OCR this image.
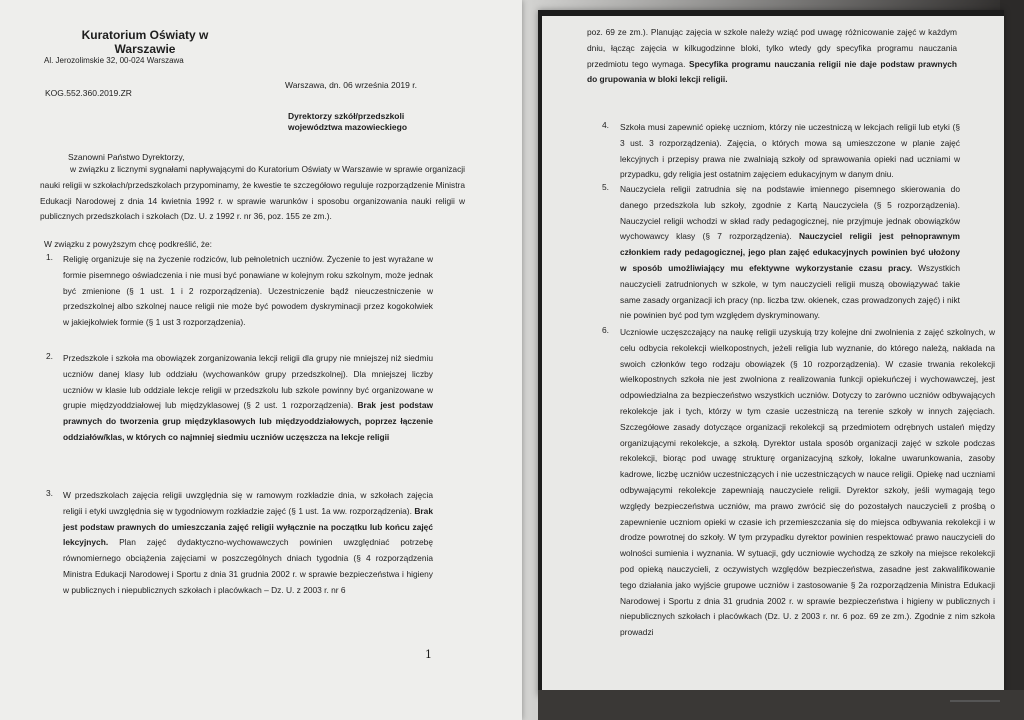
Kuratorium Oświaty w Warszawie
Al. Jerozolimskie 32, 00-024 Warszawa
KOG.552.360.2019.ZR
Warszawa, dn. 06 września 2019 r.
Dyrektorzy szkół/przedszkoli województwa mazowieckiego
Szanowni Państwo Dyrektorzy,
w związku z licznymi sygnałami napływającymi do Kuratorium Oświaty w Warszawie w sprawie organizacji nauki religii w szkołach/przedszkolach przypominamy, że kwestie te szczegółowo reguluje rozporządzenie Ministra Edukacji Narodowej z dnia 14 kwietnia 1992 r. w sprawie warunków i sposobu organizowania nauki religii w publicznych przedszkolach i szkołach (Dz. U. z 1992 r. nr 36, poz. 155 ze zm.).
W związku z powyższym chcę podkreślić, że:
1. Religię organizuje się na życzenie rodziców, lub pełnoletnich uczniów. Życzenie to jest wyrażane w formie pisemnego oświadczenia i nie musi być ponawiane w kolejnym roku szkolnym, może jednak być zmienione (§ 1 ust. 1 i 2 rozporządzenia). Uczestniczenie bądź nieuczestniczenie w przedszkolnej albo szkolnej nauce religii nie może być powodem dyskryminacji przez kogokolwiek w jakiejkolwiek formie (§ 1 ust 3 rozporządzenia).
2. Przedszkole i szkoła ma obowiązek zorganizowania lekcji religii dla grupy nie mniejszej niż siedmiu uczniów danej klasy lub oddziału (wychowanków grupy przedszkolnej). Dla mniejszej liczby uczniów w klasie lub oddziale lekcje religii w przedszkolu lub szkole powinny być organizowane w grupie międzyoddziałowej lub międzyklasowej (§ 2 ust. 1 rozporządzenia). Brak jest podstaw prawnych do tworzenia grup międzyklasowych lub międzyoddziałowych, poprzez łączenie oddziałów/klas, w których co najmniej siedmiu uczniów uczęszcza na lekcje religii
3. W przedszkolach zajęcia religii uwzględnia się w ramowym rozkładzie dnia, w szkołach zajęcia religii i etyki uwzględnia się w tygodniowym rozkładzie zajęć (§ 1 ust. 1a ww. rozporządzenia). Brak jest podstaw prawnych do umieszczania zajęć religii wyłącznie na początku lub końcu zajęć lekcyjnych. Plan zajęć dydaktyczno-wychowawczych powinien uwzględniać potrzebę równomiernego obciążenia zajęciami w poszczególnych dniach tygodnia (§ 4 rozporządzenia Ministra Edukacji Narodowej i Sportu z dnia 31 grudnia 2002 r. w sprawie bezpieczeństwa i higieny w publicznych i niepublicznych szkołach i placówkach – Dz. U. z 2003 r. nr 6
1
poz. 69 ze zm.). Planując zajęcia w szkole należy wziąć pod uwagę różnicowanie zajęć w każdym dniu, łącząc zajęcia w kilkugodzinne bloki, tylko wtedy gdy specyfika programu nauczania przedmiotu tego wymaga. Specyfika programu nauczania religii nie daje podstaw prawnych do grupowania w bloki lekcji religii.
4. Szkoła musi zapewnić opiekę uczniom, którzy nie uczestniczą w lekcjach religii lub etyki (§ 3 ust. 3 rozporządzenia). Zajęcia, o których mowa są umieszczone w planie zajęć lekcyjnych i przepisy prawa nie zwalniają szkoły od sprawowania opieki nad uczniami w przypadku, gdy religia jest ostatnim zajęciem edukacyjnym w danym dniu.
5. Nauczyciela religii zatrudnia się na podstawie imiennego pisemnego skierowania do danego przedszkola lub szkoły, zgodnie z Kartą Nauczyciela (§ 5 rozporządzenia). Nauczyciel religii wchodzi w skład rady pedagogicznej, nie przyjmuje jednak obowiązków wychowawcy klasy (§ 7 rozporządzenia). Nauczyciel religii jest pełnoprawnym członkiem rady pedagogicznej, jego plan zajęć edukacyjnych powinien być ułożony w sposób umożliwiający mu efektywne wykorzystanie czasu pracy. Wszystkich nauczycieli zatrudnionych w szkole, w tym nauczycieli religii muszą obowiązywać takie same zasady organizacji ich pracy (np. liczba tzw. okienek, czas prowadzonych zajęć) i nikt nie powinien być pod tym względem dyskryminowany.
6. Uczniowie uczęszczający na naukę religii uzyskują trzy kolejne dni zwolnienia z zajęć szkolnych, w celu odbycia rekolekcji wielkopostnych, jeżeli religia lub wyznanie, do którego należą, nakłada na swoich członków tego rodzaju obowiązek (§ 10 rozporządzenia). W czasie trwania rekolekcji wielkopostnych szkoła nie jest zwolniona z realizowania funkcji opiekuńczej i wychowawczej, jest odpowiedzialna za bezpieczeństwo wszystkich uczniów. Dotyczy to zarówno uczniów odbywających rekolekcje jak i tych, którzy w tym czasie uczestniczą na terenie szkoły w innych zajęciach. Szczegółowe zasady dotyczące organizacji rekolekcji są przedmiotem odrębnych ustaleń między organizującymi rekolekcje, a szkołą. Dyrektor ustala sposób organizacji zajęć w szkole podczas rekolekcji, biorąc pod uwagę strukturę organizacyjną szkoły, lokalne uwarunkowania, zasoby kadrowe, liczbę uczniów uczestniczących i nie uczestniczących w nauce religii. Opiekę nad uczniami odbywającymi rekolekcje zapewniają nauczyciele religii. Dyrektor szkoły, jeśli wymagają tego względy bezpieczeństwa uczniów, ma prawo zwrócić się do pozostałych nauczycieli z prośbą o zapewnienie uczniom opieki w czasie ich przemieszczania się do miejsca odbywania rekolekcji i w drodze powrotnej do szkoły. W tym przypadku dyrektor powinien respektować prawo nauczycieli do wolności sumienia i wyznania. W sytuacji, gdy uczniowie wychodzą ze szkoły na miejsce rekolekcji pod opieką nauczycieli, z oczywistych względów bezpieczeństwa, zasadne jest zakwalifikowanie tego działania jako wyjście grupowe uczniów i zastosowanie § 2a rozporządzenia Ministra Edukacji Narodowej i Sportu z dnia 31 grudnia 2002 r. w sprawie bezpieczeństwa i higieny w publicznych i niepublicznych szkołach i placówkach (Dz. U. z 2003 r. nr. 6 poz. 69 ze zm.). Zgodnie z nim szkoła prowadzi
